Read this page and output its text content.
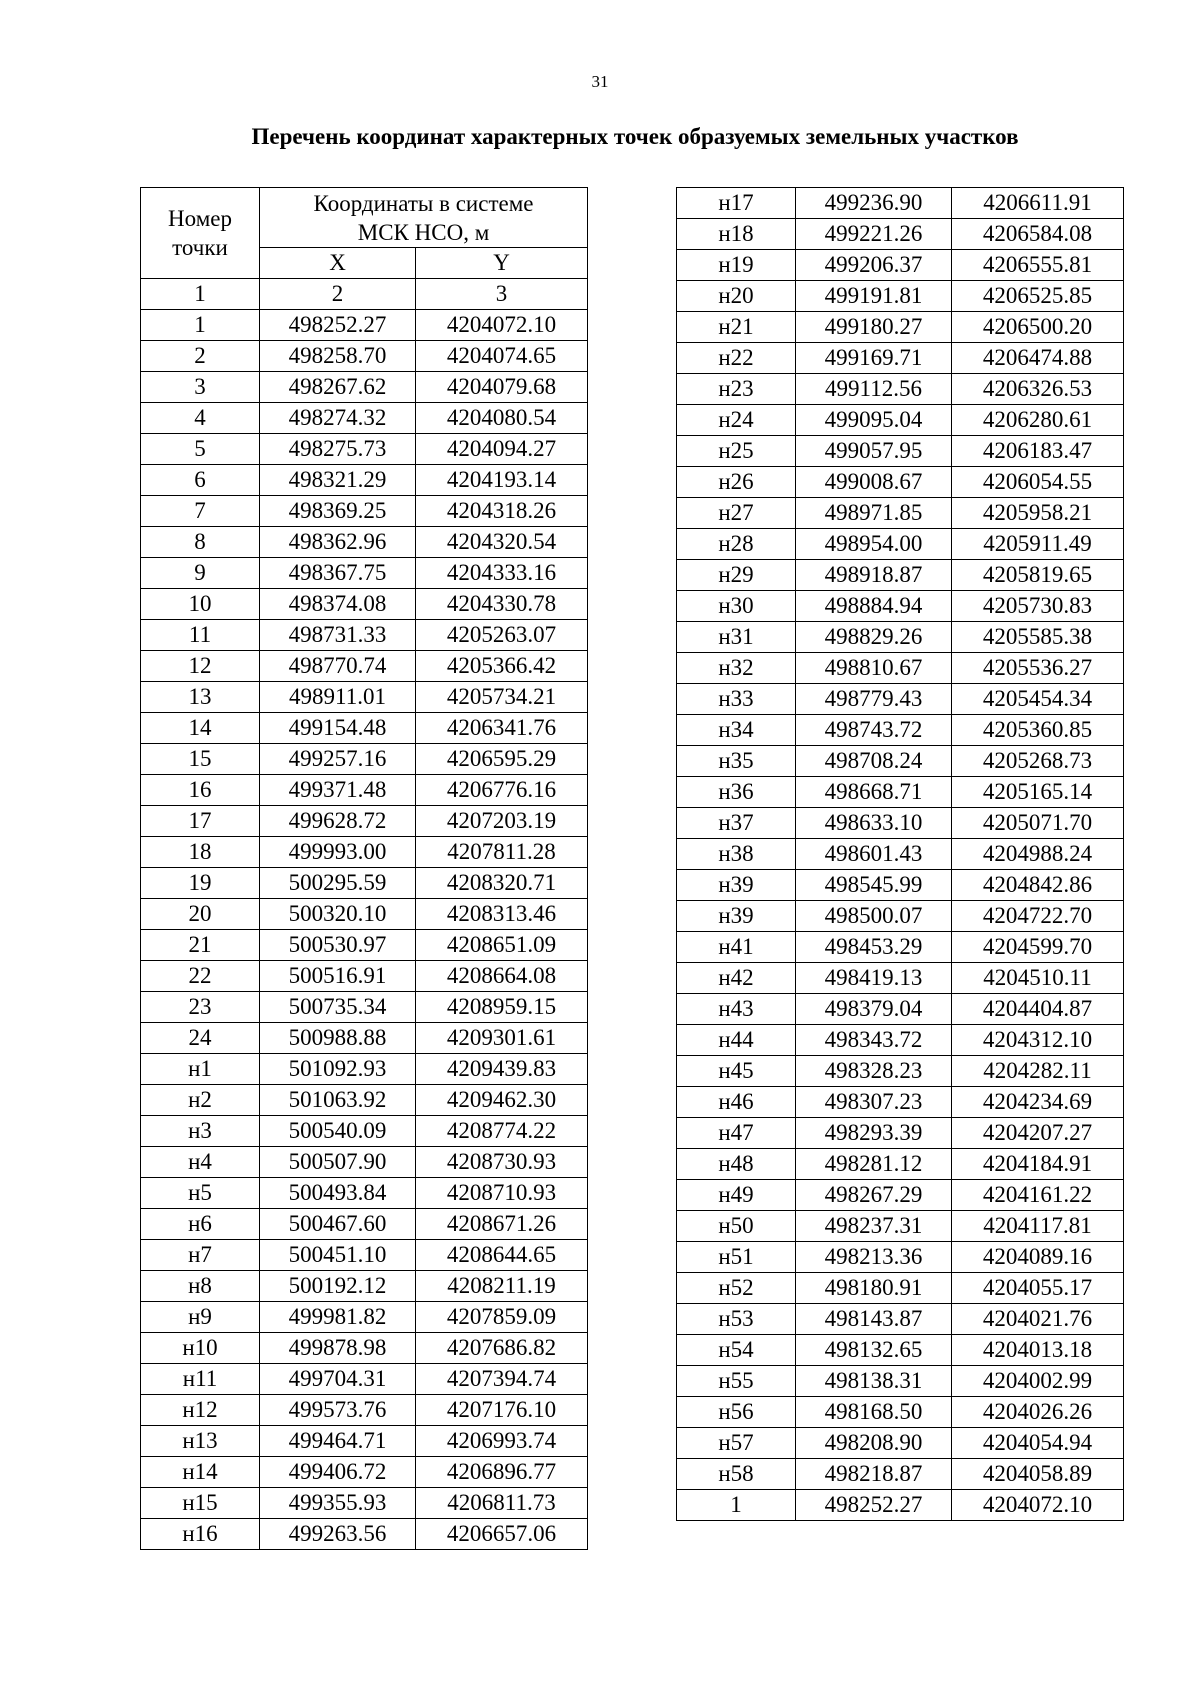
31
Перечень координат характерных точек образуемых земельных участков
Номер точки	Координаты в системе
МСК НСО, м	

	X	Y
1	2	3
1	498252.27	4204072.10
2	498258.70	4204074.65
3	498267.62	4204079.68
4	498274.32	4204080.54
5	498275.73	4204094.27
6	498321.29	4204193.14
7	498369.25	4204318.26
8	498362.96	4204320.54
9	498367.75	4204333.16
10	498374.08	4204330.78
11	498731.33	4205263.07
12	498770.74	4205366.42
13	498911.01	4205734.21
14	499154.48	4206341.76
15	499257.16	4206595.29
16	499371.48	4206776.16
17	499628.72	4207203.19
18	499993.00	4207811.28
19	500295.59	4208320.71
20	500320.10	4208313.46
21	500530.97	4208651.09
22	500516.91	4208664.08
23	500735.34	4208959.15
24	500988.88	4209301.61
н1	501092.93	4209439.83
н2	501063.92	4209462.30
н3	500540.09	4208774.22
н4	500507.90	4208730.93
н5	500493.84	4208710.93
н6	500467.60	4208671.26
н7	500451.10	4208644.65
н8	500192.12	4208211.19
н9	499981.82	4207859.09
н10	499878.98	4207686.82
н11	499704.31	4207394.74
н12	499573.76	4207176.10
н13	499464.71	4206993.74
н14	499406.72	4206896.77
н15	499355.93	4206811.73
н16	499263.56	4206657.06
н17	499236.90	4206611.91
н18	499221.26	4206584.08
н19	499206.37	4206555.81
н20	499191.81	4206525.85
н21	499180.27	4206500.20
н22	499169.71	4206474.88
н23	499112.56	4206326.53
н24	499095.04	4206280.61
н25	499057.95	4206183.47
н26	499008.67	4206054.55
н27	498971.85	4205958.21
н28	498954.00	4205911.49
н29	498918.87	4205819.65
н30	498884.94	4205730.83
н31	498829.26	4205585.38
н32	498810.67	4205536.27
н33	498779.43	4205454.34
н34	498743.72	4205360.85
н35	498708.24	4205268.73
н36	498668.71	4205165.14
н37	498633.10	4205071.70
н38	498601.43	4204988.24
н39	498545.99	4204842.86
н39	498500.07	4204722.70
н41	498453.29	4204599.70
н42	498419.13	4204510.11
н43	498379.04	4204404.87
н44	498343.72	4204312.10
н45	498328.23	4204282.11
н46	498307.23	4204234.69
н47	498293.39	4204207.27
н48	498281.12	4204184.91
н49	498267.29	4204161.22
н50	498237.31	4204117.81
н51	498213.36	4204089.16
н52	498180.91	4204055.17
н53	498143.87	4204021.76
н54	498132.65	4204013.18
н55	498138.31	4204002.99
н56	498168.50	4204026.26
н57	498208.90	4204054.94
н58	498218.87	4204058.89
1	498252.27	4204072.10
